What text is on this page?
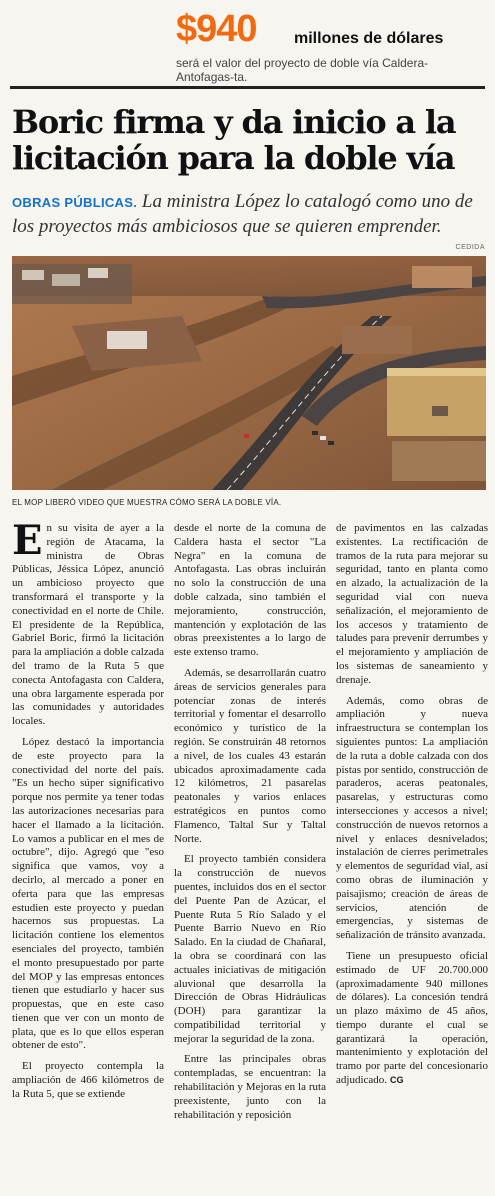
$940 millones de dólares
será el valor del proyecto de doble vía Caldera- Antofagas-ta.
Boric firma y da inicio a la licitación para la doble vía
OBRAS PÚBLICAS. La ministra López lo catalogó como uno de los proyectos más ambiciosos que se quieren emprender.
CEDIDA
EL MOP LIBERÓ VIDEO QUE MUESTRA CÓMO SERÁ LA DOBLE VÍA.

En su visita de ayer a la región de Atacama, la ministra de Obras Públicas, Jéssica López, anunció un ambicioso proyecto que transformará el transporte y la conectividad en el norte de Chile. El presidente de la República, Gabriel Boric, firmó la licitación para la ampliación a doble calzada del tramo de la Ruta 5 que conecta Antofagasta con Caldera, una obra largamente esperada por las comunidades y autoridades locales.

López destacó la importancia de este proyecto para la conectividad del norte del país. "Es un hecho súper significativo porque nos permite ya tener todas las autorizaciones necesarias para hacer el llamado a la licitación. Lo vamos a publicar en el mes de octubre", dijo. Agregó que "eso significa que vamos, voy a decirlo, al mercado a poner en oferta para que las empresas estudien este proyecto y puedan hacernos sus propuestas. La licitación contiene los elementos esenciales del proyecto, también el monto presupuestado por parte del MOP y las empresas entonces tienen que estudiarlo y hacer sus propuestas, que en este caso tienen que ver con un monto de plata, que es lo que ellos esperan obtener de esto".

El proyecto contempla la ampliación de 466 kilómetros de la Ruta 5, que se extiende

desde el norte de la comuna de Caldera hasta el sector "La Negra" en la comuna de Antofagasta. Las obras incluirán no solo la construcción de una doble calzada, sino también el mejoramiento, construcción, mantención y explotación de las obras preexistentes a lo largo de este extenso tramo.

Además, se desarrollarán cuatro áreas de servicios generales para potenciar zonas de interés territorial y fomentar el desarrollo económico y turístico de la región. Se construirán 48 retornos a nivel, de los cuales 43 estarán ubicados aproximadamente cada 12 kilómetros, 21 pasarelas peatonales y varios enlaces estratégicos en puntos como Flamenco, Taltal Sur y Taltal Norte.

El proyecto también considera la construcción de nuevos puentes, incluidos dos en el sector del Puente Pan de Azúcar, el Puente Ruta 5 Río Salado y el Puente Barrio Nuevo en Río Salado. En la ciudad de Chañaral, la obra se coordinará con las actuales iniciativas de mitigación aluvional que desarrolla la Dirección de Obras Hidráulicas (DOH) para garantizar la compatibilidad territorial y mejorar la seguridad de la zona.

Entre las principales obras contempladas, se encuentran: la rehabilitación y Mejoras en la ruta preexistente, junto con la rehabilitación y reposición

de pavimentos en las calzadas existentes. La rectificación de tramos de la ruta para mejorar su seguridad, tanto en planta como en alzado, la actualización de la seguridad vial con nueva señalización, el mejoramiento de los accesos y tratamiento de taludes para prevenir derrumbes y el mejoramiento y ampliación de los sistemas de saneamiento y drenaje.

Además, como obras de ampliación y nueva infraestructura se contemplan los siguientes puntos: La ampliación de la ruta a doble calzada con dos pistas por sentido, construcción de paraderos, aceras peatonales, pasarelas, y estructuras como intersecciones y accesos a nivel; construcción de nuevos retornos a nivel y enlaces desnivelados; instalación de cierres perimetrales y elementos de seguridad vial, así como obras de iluminación y paisajismo; creación de áreas de servicios, atención de emergencias, y sistemas de señalización de tránsito avanzada.

Tiene un presupuesto oficial estimado de UF 20.700.000 (aproximadamente 940 millones de dólares). La concesión tendrá un plazo máximo de 45 años, tiempo durante el cual se garantizará la operación, mantenimiento y explotación del tramo por parte del concesionario adjudicado. CG
